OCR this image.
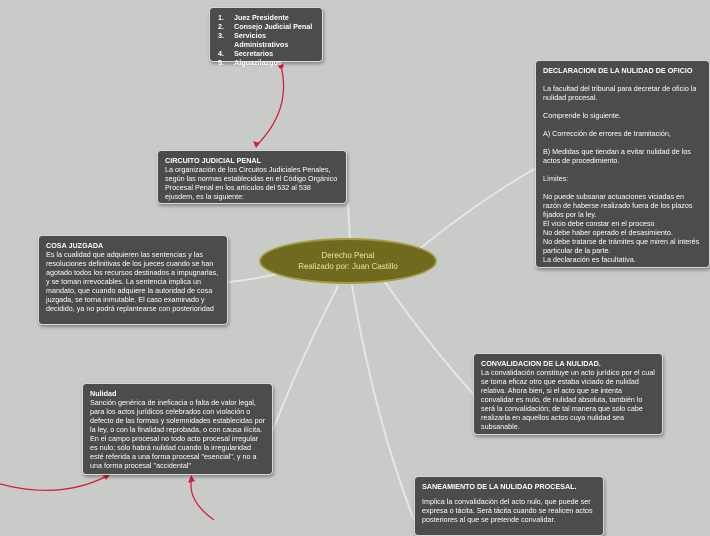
1.	Juez Presidente
2.	Consejo Judicial Penal
3.	Servicios Administrativos
4.	Secretarios
5.	Alguazilazgos
CIRCUITO JUDICIAL PENAL
La organización de los Circuitos Judiciales Penales, según las normas establecidas en el Código Orgánico Procesal Penal en los artículos del 532 al 538 ejusdem, es la siguiente:
Derecho Penal
Realizado por: Juan Castillo
COSA JUZGADA
Es la cualidad que adquieren las sentencias y las resoluciones definitivas de los jueces cuando se han agotado todos los recursos destinados a impugnarlas, y se toman irrevocables. La sentencia implica un mandato, que cuando adquiere la autoridad de cosa juzgada, se torna inmutable. El caso examinado y decidido, ya no podrá replantearse con posterioridad
Nulidad
Sanción genérica de ineficacia o falta de valor legal, para los actos jurídicos celebrados con violación o defecto de las formas y solemnidades establecidas por la ley, o con la finalidad reprobada, o con causa ilícita. En el campo procesal no todo acto procesal irregular es nulo; sólo habrá nulidad cuando la irregularidad esté referida a una forma procesal "esencial", y no a una forma procesal "accidental"
DECLARACION DE LA NULIDAD DE OFICIO
La facultad del tribunal para decretar de oficio la nulidad procesal.
Comprende lo siguiente.
A) Corrección de errores de tramitación,
B) Medidas que tiendan a evitar nulidad de los actos de procedimiento.
Límites:
No puede subsanar actuaciones viciadas en razón de haberse realizado fuera de los plazos fijados por la ley.
El vicio debe constar en el proceso
No debe haber operado el desasimiento.
No debe tratarse de trámites que miren al interés particular de la parte.
La declaración es facultativa.
CONVALIDACION DE LA NULIDAD.
La convalidación constituye un acto jurídico por el cual se toma eficaz otro que estaba viciado de nulidad relativa. Ahora bien, si el acto que se intenta convalidar es nulo, de nulidad absoluta, también lo será la convalidación; de tal manera que solo cabe realizarla en aquellos actos cuya nulidad sea subsanable.
SANEAMIENTO DE LA NULIDAD PROCESAL.
Implica la convalidación del acto nulo, que puede ser expresa o tácita. Será tácita cuando se realicen actos posteriores al que se pretende convalidar.
